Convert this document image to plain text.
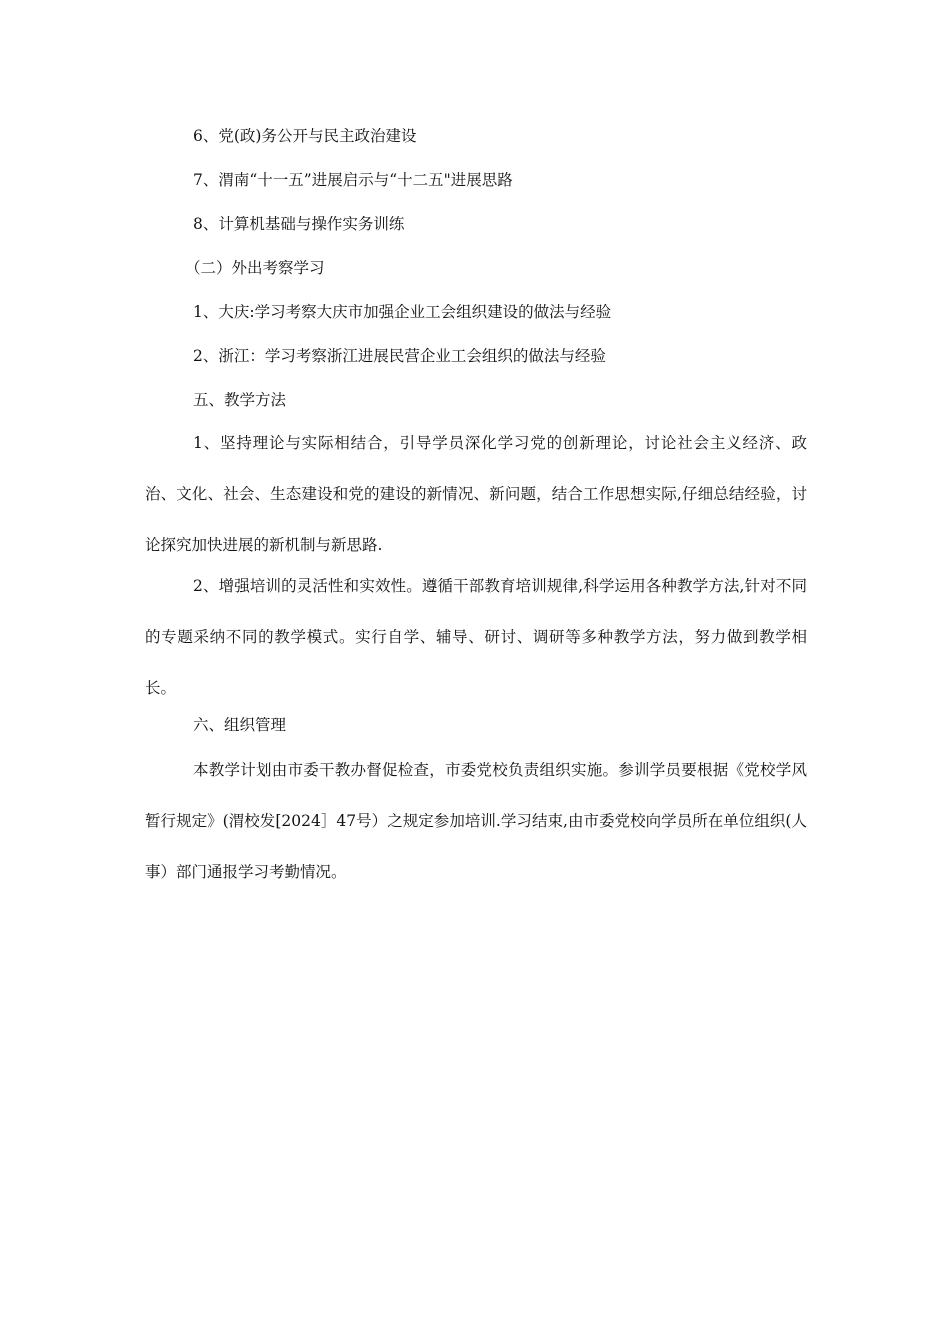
6、党(政)务公开与民主政治建设
7、渭南“十一五”进展启示与“十二五"进展思路
8、计算机基础与操作实务训练
（二）外出考察学习
1、大庆:学习考察大庆市加强企业工会组织建设的做法与经验
2、浙江：学习考察浙江进展民营企业工会组织的做法与经验
五、教学方法
1、坚持理论与实际相结合，引导学员深化学习党的创新理论，讨论社会主义经济、政治、文化、社会、生态建设和党的建设的新情况、新问题，结合工作思想实际,仔细总结经验，讨论探究加快进展的新机制与新思路.
2、增强培训的灵活性和实效性。遵循干部教育培训规律,科学运用各种教学方法,针对不同的专题采纳不同的教学模式。实行自学、辅导、研讨、调研等多种教学方法，努力做到教学相长。
六、组织管理
本教学计划由市委干教办督促检查，市委党校负责组织实施。参训学员要根据《党校学风暂行规定》(渭校发[2024］47号）之规定参加培训.学习结束,由市委党校向学员所在单位组织(人事）部门通报学习考勤情况。
